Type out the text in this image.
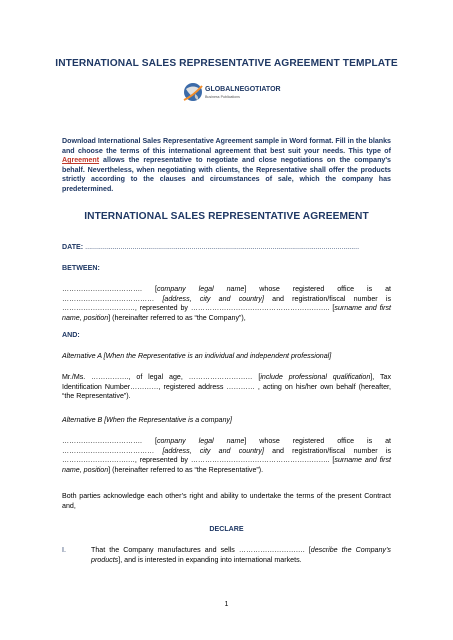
INTERNATIONAL SALES REPRESENTATIVE AGREEMENT TEMPLATE
GLOBALNEGOTIATOR
Business Publications
Download International Sales Representative Agreement sample in Word format. Fill in the blanks and choose the terms of this international agreement that best suit your needs. This type of Agreement allows the representative to negotiate and close negotiations on the company's behalf. Nevertheless, when negotiating with clients, the Representative shall offer the products strictly according to the clauses and circumstances of sale, which the company has predetermined.
INTERNATIONAL SALES REPRESENTATIVE AGREEMENT
DATE: ...........................................................................................................................................
BETWEEN:
……………………………. [company legal name] whose registered office is at ………………………………… [address, city and country] and registration/fiscal number is ……………………….…, represented by ………………………………………………….. [surname and first name, position] (hereinafter referred to as “the Company”),
AND:
Alternative A [When the Representative is an individual and independent professional]
Mr./Ms. ……………., of legal age, ……………………… [include professional qualification], Tax Identification Number…………, registered address ………… , acting on his/her own behalf (hereafter, “the Representative”).
Alternative B [When the Representative is a company]
……………………………. [company legal name] whose registered office is at ………………………………… [address, city and country] and registration/fiscal number is ……………………….…, represented by ………………………………………………….. [surname and first name, position] (hereinafter referred to as “the Representative”).
Both parties acknowledge each other’s right and ability to undertake the terms of the present Contract and,
DECLARE
I.	That the Company manufactures and sells ………………………. [describe the Company’s products], and is interested in expanding into international markets.
1
